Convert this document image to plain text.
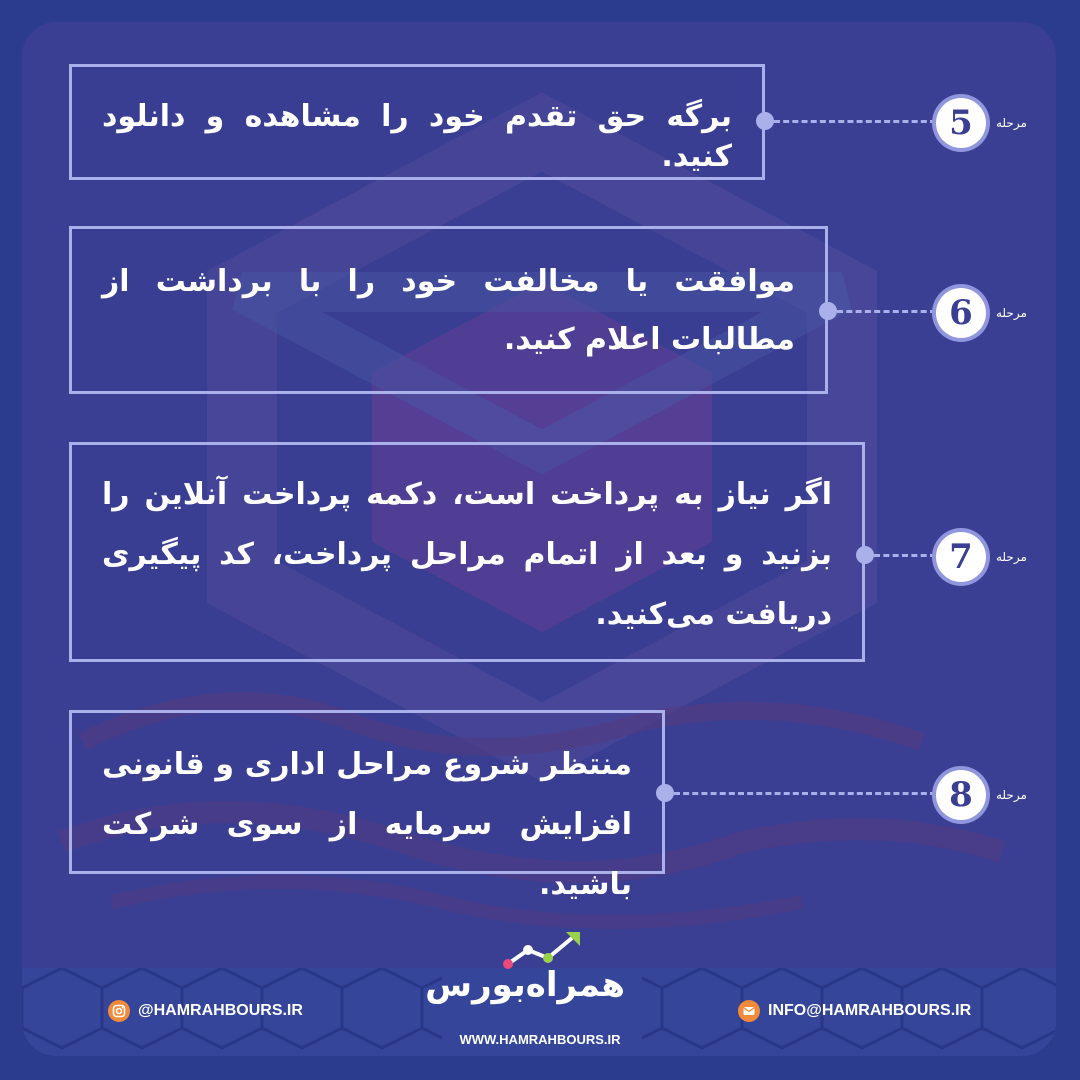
برگه حق تقدم خود را مشاهده و دانلود کنید.
5	مرحله
موافقت یا مخالفت خود را با برداشت از مطالبات اعلام کنید.
6	مرحله
اگر نیاز به پرداخت است، دکمه پرداخت آنلاین را بزنید و بعد از اتمام مراحل پرداخت، کد پیگیری دریافت می‌کنید.
7	مرحله
منتظر شروع مراحل اداری و قانونی افزایش سرمایه از سوی شرکت باشید.
8	مرحله
@HAMRAHBOURS.IR	INFO@HAMRAHBOURS.IR
همراه‌بورس
WWW.HAMRAHBOURS.IR
